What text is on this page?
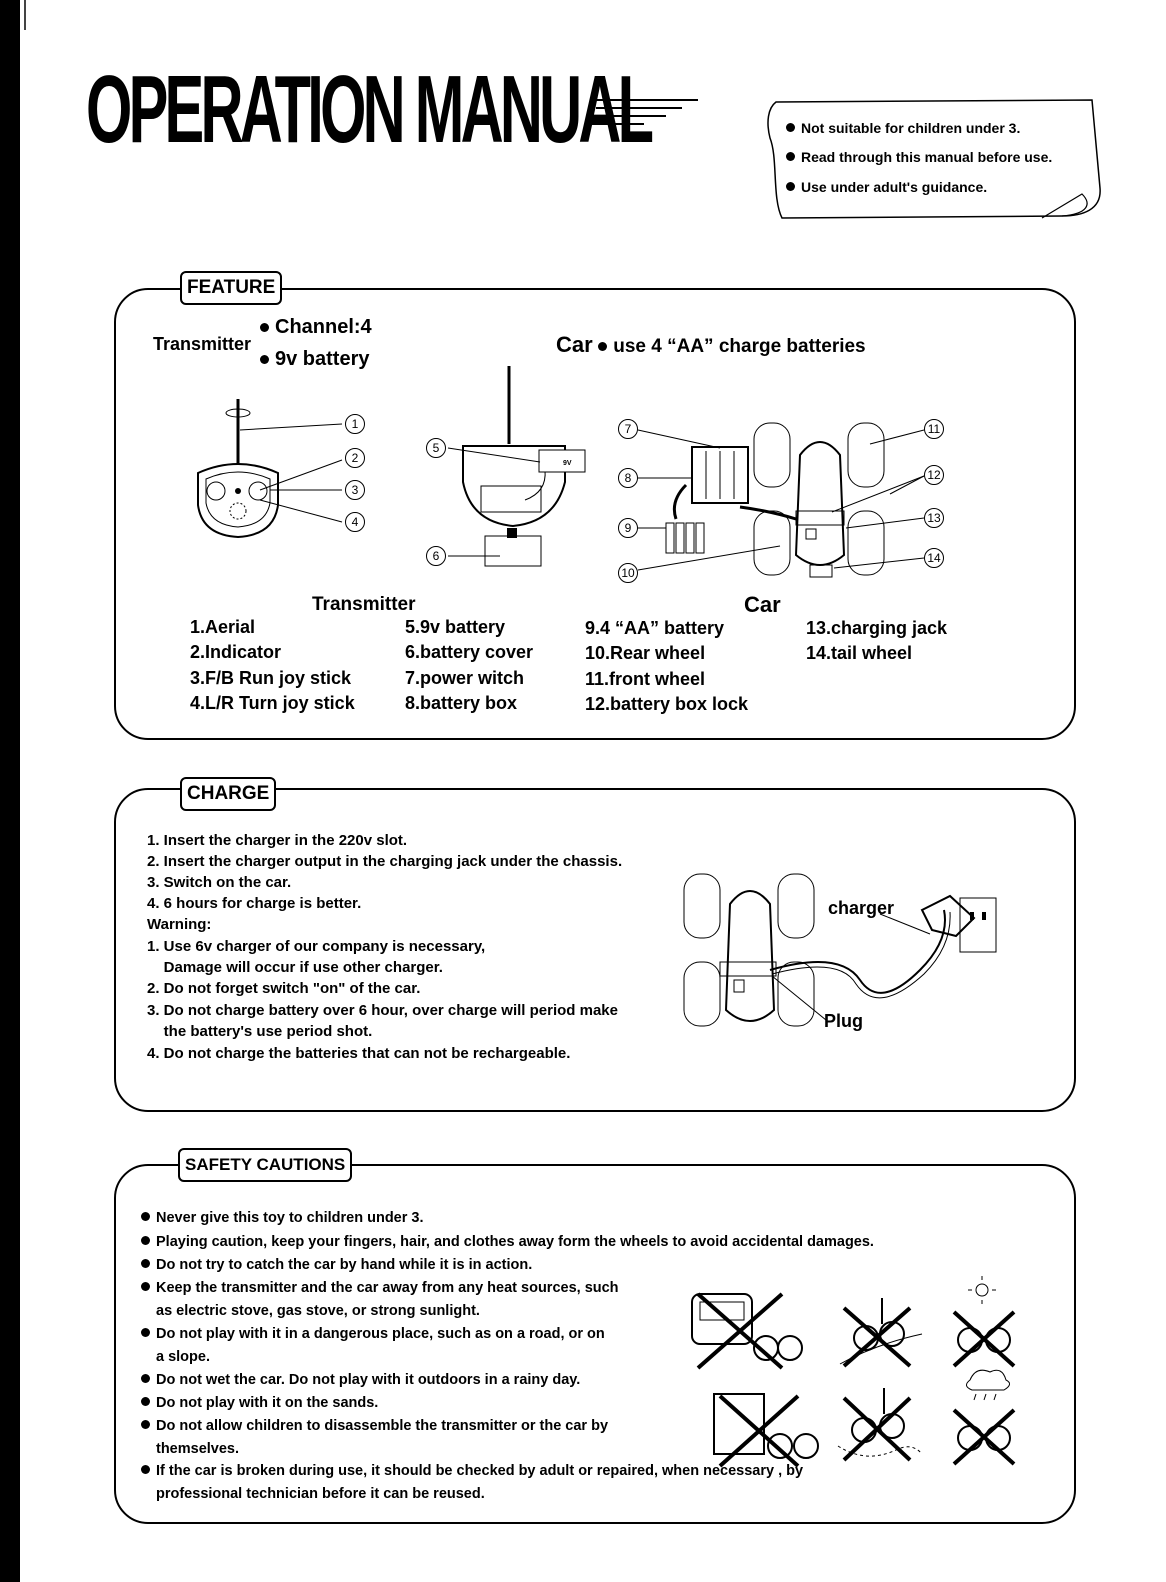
OPERATION MANUAL	Not suitable for children under 3.
Read through this manual before use.
Use under adult's guidance.
FEATURE
Transmitter
Channel:4
9v battery
Car use 4 “AA” charge batteries
1
2
3
4
9V
5
6
7
8
9
10
11
12
13
14
Transmitter	Car
1.Aerial
2.Indicator
3.F/B Run joy stick
4.L/R Turn joy stick
5.9v battery
6.battery cover
7.power witch
8.battery box
9.4 “AA” battery
10.Rear wheel
11.front wheel
12.battery box lock
13.charging jack
14.tail wheel
CHARGE
1. Insert the charger in the 220v slot.
2. Insert the charger output in the charging jack under the chassis.
3. Switch on the car.
4. 6 hours for charge is better.
Warning:
1. Use 6v charger of our company is necessary,
Damage will occur if use other charger.
2. Do not forget switch "on" of the car.
3. Do not charge battery over 6 hour, over charge will period make
the battery's use period shot.
4. Do not charge the batteries that can not be rechargeable.
charger
Plug
SAFETY CAUTIONS
Never give this toy to children under 3.
Playing caution, keep your fingers, hair, and clothes away form the wheels to avoid accidental damages.
Do not try to catch the car by hand while it is in action.
Keep the transmitter and the car away from any heat sources, such
as electric stove, gas stove, or strong sunlight.
Do not play with it in a dangerous place, such as on a road, or on
a slope.
Do not wet the car. Do not play with it outdoors in a rainy day.
Do not play with it on the sands.
Do not allow children to disassemble the transmitter or the car by
themselves.
If the car is broken during use, it should be checked by adult or repaired, when necessary , by
professional technician before it can be reused.
